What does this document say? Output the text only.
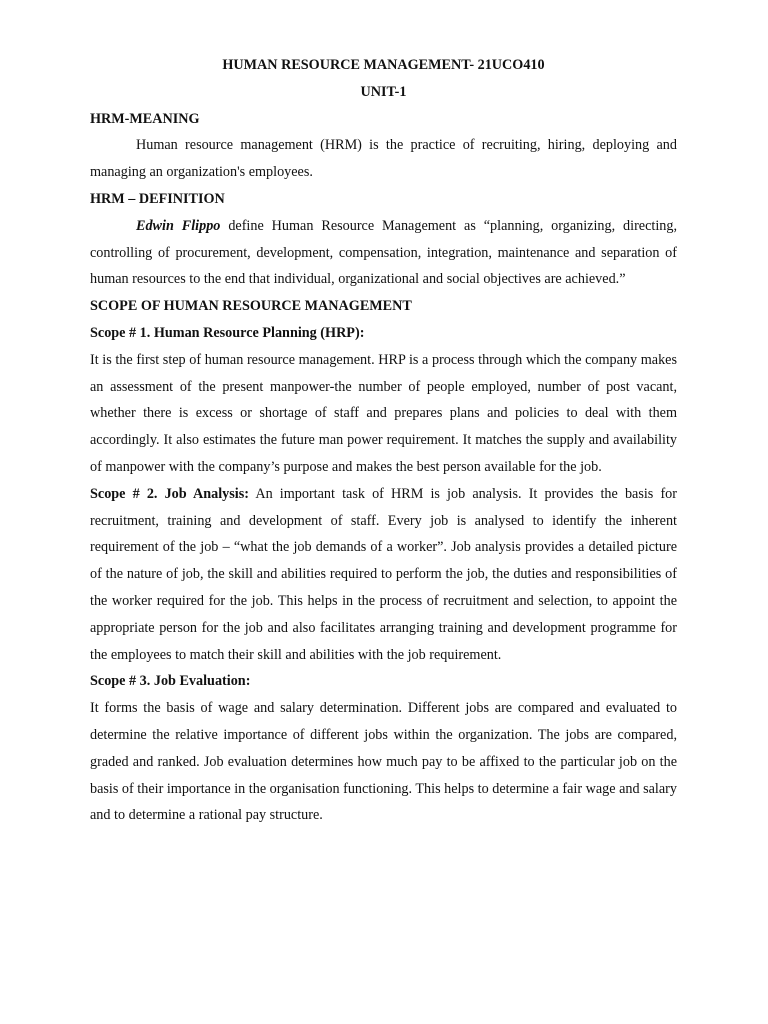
HUMAN RESOURCE MANAGEMENT- 21UCO410

UNIT-1

HRM-MEANING

Human resource management (HRM) is the practice of recruiting, hiring, deploying and managing an organization's employees.

HRM – DEFINITION

Edwin Flippo define Human Resource Management as “planning, organizing, directing, controlling of procurement, development, compensation, integration, maintenance and separation of human resources to the end that individual, organizational and social objectives are achieved.”

SCOPE OF HUMAN RESOURCE MANAGEMENT

Scope # 1. Human Resource Planning (HRP):

It is the first step of human resource management. HRP is a process through which the company makes an assessment of the present manpower-the number of people employed, number of post vacant, whether there is excess or shortage of staff and prepares plans and policies to deal with them accordingly. It also estimates the future man power requirement. It matches the supply and availability of manpower with the company’s purpose and makes the best person available for the job.

Scope # 2. Job Analysis: An important task of HRM is job analysis. It provides the basis for recruitment, training and development of staff. Every job is analysed to identify the inherent requirement of the job – “what the job demands of a worker”. Job analysis provides a detailed picture of the nature of job, the skill and abilities required to perform the job, the duties and responsibilities of the worker required for the job. This helps in the process of recruitment and selection, to appoint the appropriate person for the job and also facilitates arranging training and development programme for the employees to match their skill and abilities with the job requirement.

Scope # 3. Job Evaluation:

It forms the basis of wage and salary determination. Different jobs are compared and evaluated to determine the relative importance of different jobs within the organization. The jobs are compared, graded and ranked. Job evaluation determines how much pay to be affixed to the particular job on the basis of their importance in the organisation functioning. This helps to determine a fair wage and salary and to determine a rational pay structure.
